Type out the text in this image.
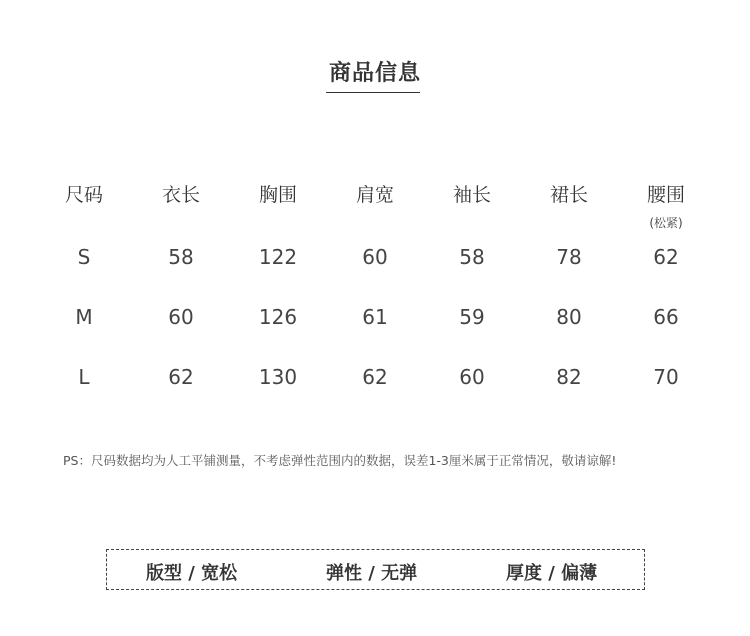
商品信息
尺码	衣长	胸围	肩宽	袖长	裙长	腰围
(松紧)
S	58	122	60	58	78	62
M	60	126	61	59	80	66
L	62	130	62	60	82	70
PS：尺码数据均为人工平铺测量，不考虑弹性范围内的数据，误差1-3厘米属于正常情况，敬请谅解!
版型 / 宽松	弹性 / 无弹	厚度 / 偏薄
